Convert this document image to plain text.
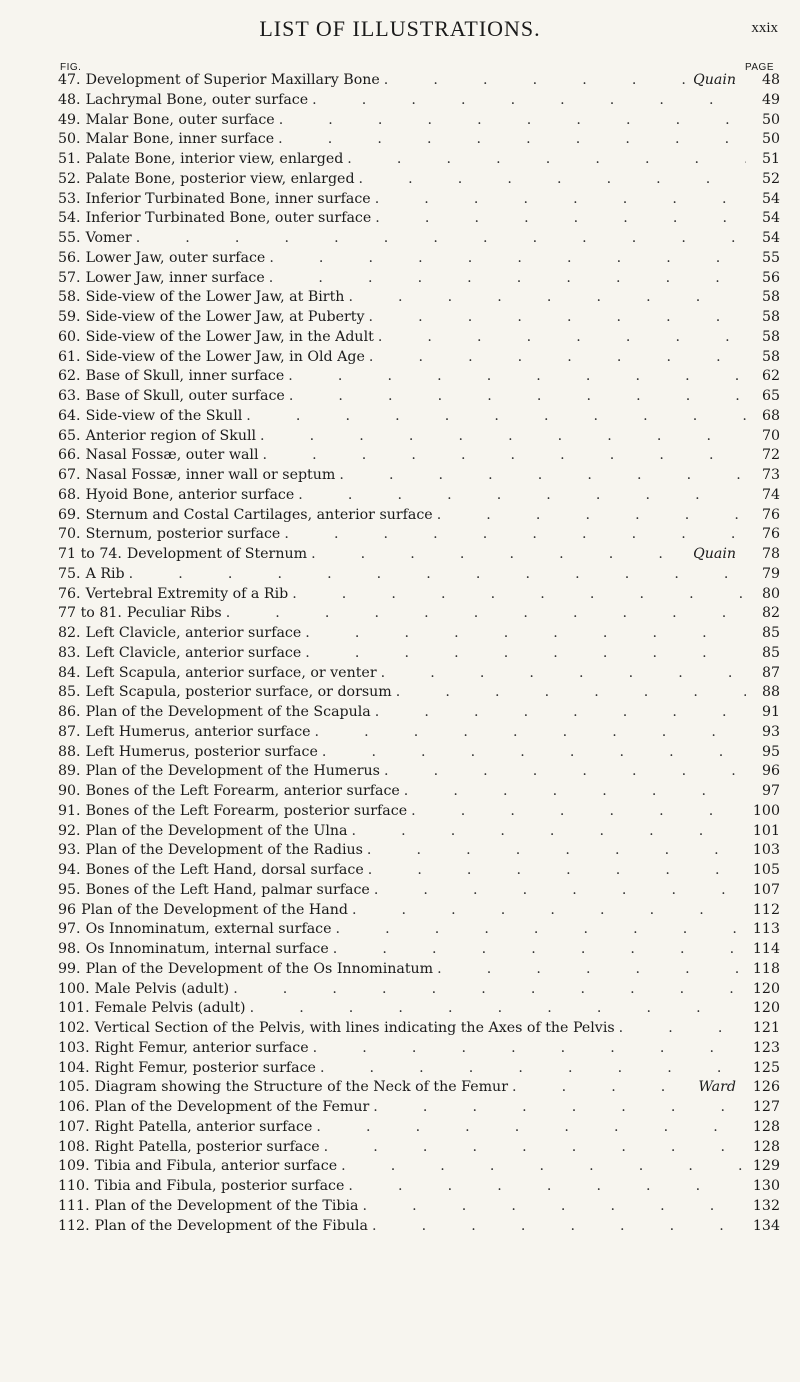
LIST OF ILLUSTRATIONS.	xxix
FIG.	PAGE
47. Development of Superior Maxillary Bone .	Quain	48
48. Lachrymal Bone, outer surface .	49
49. Malar Bone, outer surface .	50
50. Malar Bone, inner surface .	50
51. Palate Bone, interior view, enlarged .	51
52. Palate Bone, posterior view, enlarged .	52
53. Inferior Turbinated Bone, inner surface .	54
54. Inferior Turbinated Bone, outer surface .	54
55. Vomer .	54
56. Lower Jaw, outer surface .	55
57. Lower Jaw, inner surface .	56
58. Side-view of the Lower Jaw, at Birth .	58
59. Side-view of the Lower Jaw, at Puberty .	58
60. Side-view of the Lower Jaw, in the Adult .	58
61. Side-view of the Lower Jaw, in Old Age .	58
62. Base of Skull, inner surface .	62
63. Base of Skull, outer surface .	65
64. Side-view of the Skull .	68
65. Anterior region of Skull .	70
66. Nasal Fossæ, outer wall .	72
67. Nasal Fossæ, inner wall or septum .	73
68. Hyoid Bone, anterior surface .	74
69. Sternum and Costal Cartilages, anterior surface .	76
70. Sternum, posterior surface .	76
71 to 74. Development of Sternum .	Quain	78
75. A Rib .	79
76. Vertebral Extremity of a Rib .	80
77 to 81. Peculiar Ribs .	82
82. Left Clavicle, anterior surface .	85
83. Left Clavicle, anterior surface .	85
84. Left Scapula, anterior surface, or venter .	87
85. Left Scapula, posterior surface, or dorsum .	88
86. Plan of the Development of the Scapula .	91
87. Left Humerus, anterior surface .	93
88. Left Humerus, posterior surface .	95
89. Plan of the Development of the Humerus .	96
90. Bones of the Left Forearm, anterior surface .	97
91. Bones of the Left Forearm, posterior surface .	100
92. Plan of the Development of the Ulna .	101
93. Plan of the Development of the Radius .	103
94. Bones of the Left Hand, dorsal surface .	105
95. Bones of the Left Hand, palmar surface .	107
96 Plan of the Development of the Hand .	112
97. Os Innominatum, external surface .	113
98. Os Innominatum, internal surface .	114
99. Plan of the Development of the Os Innominatum .	118
100. Male Pelvis (adult) .	120
101. Female Pelvis (adult) .	120
102. Vertical Section of the Pelvis, with lines indicating the Axes of the Pelvis .	121
103. Right Femur, anterior surface .	123
104. Right Femur, posterior surface .	125
105. Diagram showing the Structure of the Neck of the Femur .	Ward	126
106. Plan of the Development of the Femur .	127
107. Right Patella, anterior surface .	128
108. Right Patella, posterior surface .	128
109. Tibia and Fibula, anterior surface .	129
110. Tibia and Fibula, posterior surface .	130
111. Plan of the Development of the Tibia .	132
112. Plan of the Development of the Fibula .	134
